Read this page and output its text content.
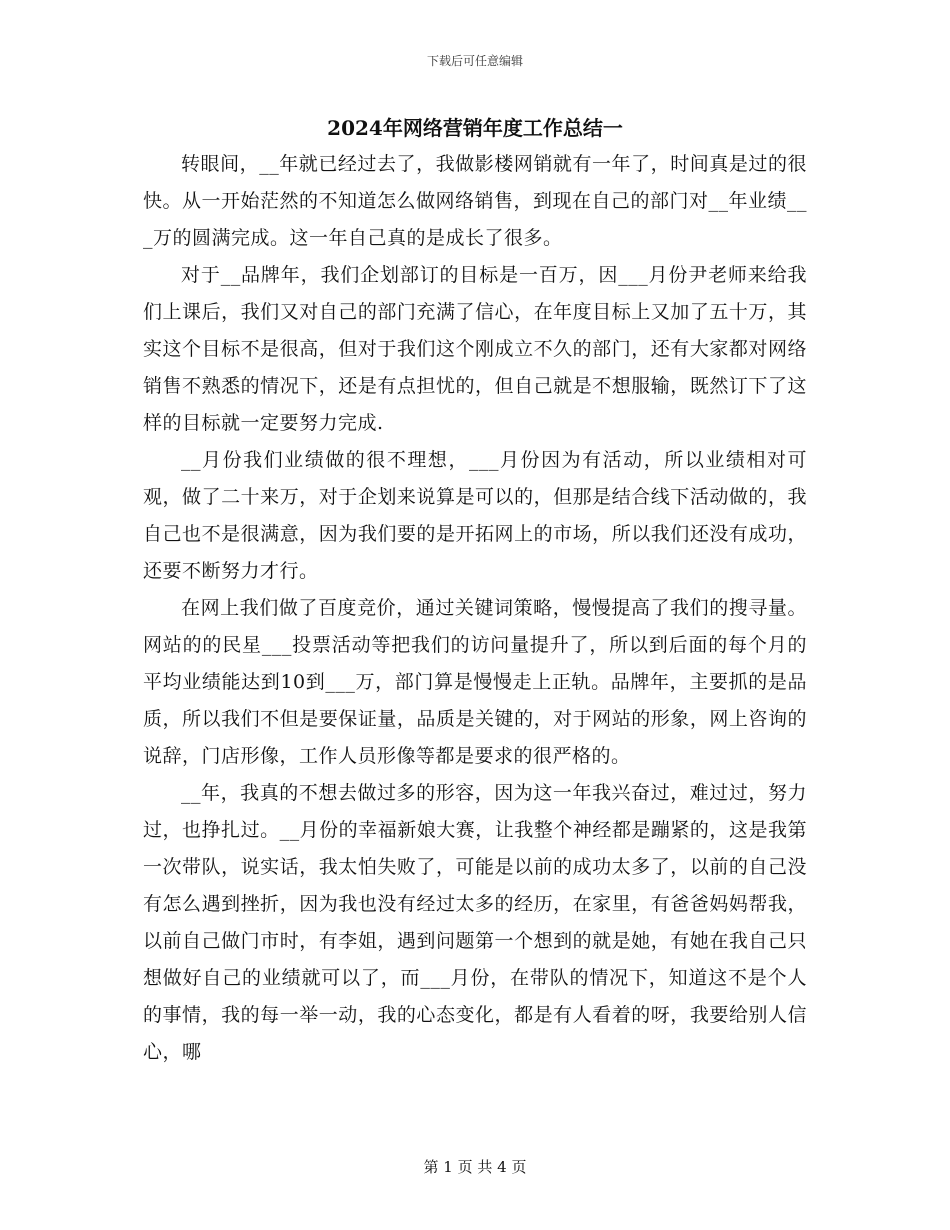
下载后可任意编辑
2024年网络营销年度工作总结一

转眼间，__年就已经过去了，我做影楼网销就有一年了，时间真是过的很快。从一开始茫然的不知道怎么做网络销售，到现在自己的部门对__年业绩___万的圆满完成。这一年自己真的是成长了很多。

对于__品牌年，我们企划部订的目标是一百万，因___月份尹老师来给我们上课后，我们又对自己的部门充满了信心，在年度目标上又加了五十万，其实这个目标不是很高，但对于我们这个刚成立不久的部门，还有大家都对网络销售不熟悉的情况下，还是有点担忧的，但自己就是不想服输，既然订下了这样的目标就一定要努力完成.

__月份我们业绩做的很不理想，___月份因为有活动，所以业绩相对可观，做了二十来万，对于企划来说算是可以的，但那是结合线下活动做的，我自己也不是很满意，因为我们要的是开拓网上的市场，所以我们还没有成功，还要不断努力才行。

在网上我们做了百度竞价，通过关键词策略，慢慢提高了我们的搜寻量。网站的的民星___投票活动等把我们的访问量提升了，所以到后面的每个月的平均业绩能达到10到___万，部门算是慢慢走上正轨。品牌年，主要抓的是品质，所以我们不但是要保证量，品质是关键的，对于网站的形象，网上咨询的说辞，门店形像，工作人员形像等都是要求的很严格的。

__年，我真的不想去做过多的形容，因为这一年我兴奋过，难过过，努力过，也挣扎过。__月份的幸福新娘大赛，让我整个神经都是蹦紧的，这是我第一次带队，说实话，我太怕失败了，可能是以前的成功太多了，以前的自己没有怎么遇到挫折，因为我也没有经过太多的经历，在家里，有爸爸妈妈帮我，以前自己做门市时，有李姐，遇到问题第一个想到的就是她，有她在我自己只想做好自己的业绩就可以了，而___月份，在带队的情况下，知道这不是个人的事情，我的每一举一动，我的心态变化，都是有人看着的呀，我要给别人信心，哪

第 1 页 共 4 页
